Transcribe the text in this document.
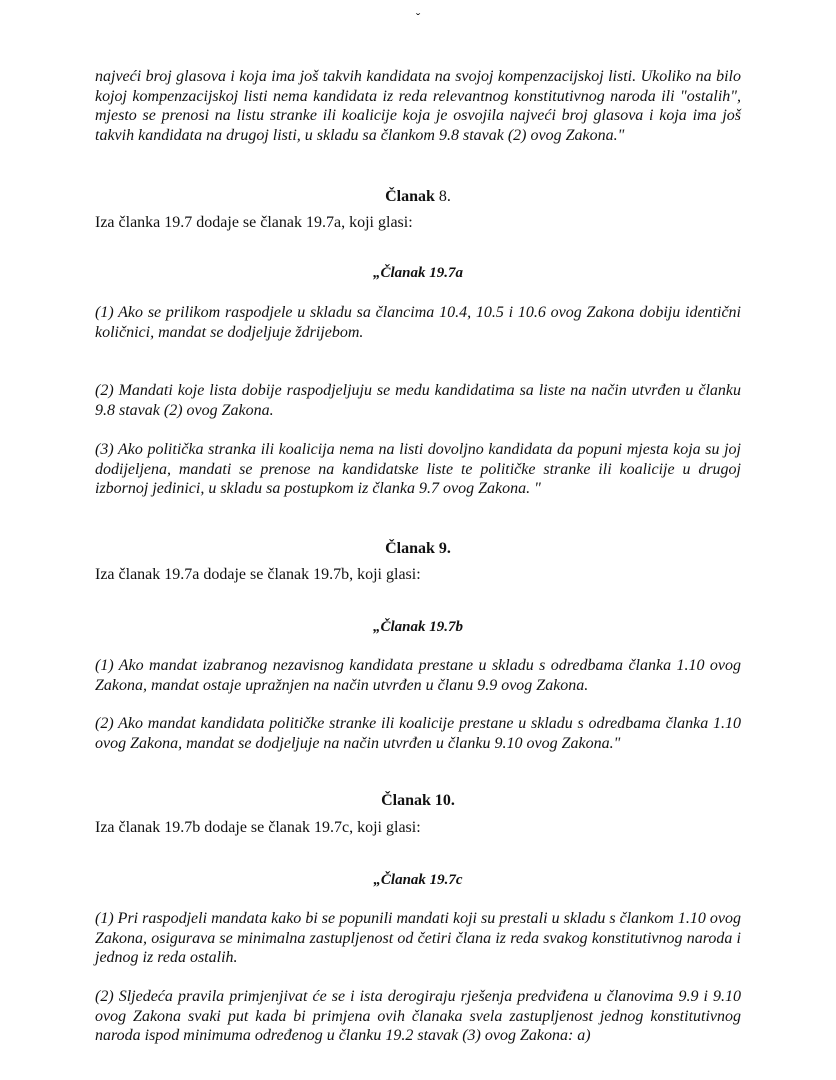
ˇ
najveći broj glasova i koja ima još takvih kandidata na svojoj kompenzacijskoj listi. Ukoliko na bilo kojoj kompenzacijskoj listi nema kandidata iz reda relevantnog konstitutivnog naroda ili "ostalih", mjesto se prenosi na listu stranke ili koalicije koja je osvojila najveći broj glasova i koja ima još takvih kandidata na drugoj listi, u skladu sa člankom 9.8 stavak (2) ovog Zakona."
Članak 8.
Iza članka 19.7 dodaje se članak 19.7a, koji glasi:
„Članak 19.7a
(1) Ako se prilikom raspodjele u skladu sa člancima 10.4, 10.5 i 10.6 ovog Zakona dobiju identični količnici, mandat se dodjeljuje ždrijebom.
(2) Mandati koje lista dobije raspodjeljuju se medu kandidatima sa liste na način utvrđen u članku 9.8 stavak (2) ovog Zakona.
(3) Ako politička stranka ili koalicija nema na listi dovoljno kandidata da popuni mjesta koja su joj dodijeljena, mandati se prenose na kandidatske liste te političke stranke ili koalicije u drugoj izbornoj jedinici, u skladu sa postupkom iz članka 9.7 ovog Zakona. "
Članak 9.
Iza članak 19.7a dodaje se članak 19.7b, koji glasi:
„Članak 19.7b
(1) Ako mandat izabranog nezavisnog kandidata prestane u skladu s odredbama članka 1.10 ovog Zakona, mandat ostaje upražnjen na način utvrđen u članu 9.9 ovog Zakona.
(2) Ako mandat kandidata političke stranke ili koalicije prestane u skladu s odredbama članka 1.10 ovog Zakona, mandat se dodjeljuje na način utvrđen u članku 9.10 ovog Zakona."
Članak 10.
Iza članak 19.7b dodaje se članak 19.7c, koji glasi:
„Članak 19.7c
(1) Pri raspodjeli mandata kako bi se popunili mandati koji su prestali u skladu s člankom 1.10 ovog Zakona, osigurava se minimalna zastupljenost od četiri člana iz reda svakog konstitutivnog naroda i jednog iz reda ostalih.
(2) Sljedeća pravila primjenjivat će se i ista derogiraju rješenja predviđena u članovima 9.9 i 9.10 ovog Zakona svaki put kada bi primjena ovih članaka svela zastupljenost jednog konstitutivnog naroda ispod minimuma određenog u članku 19.2 stavak (3) ovog Zakona: a)
